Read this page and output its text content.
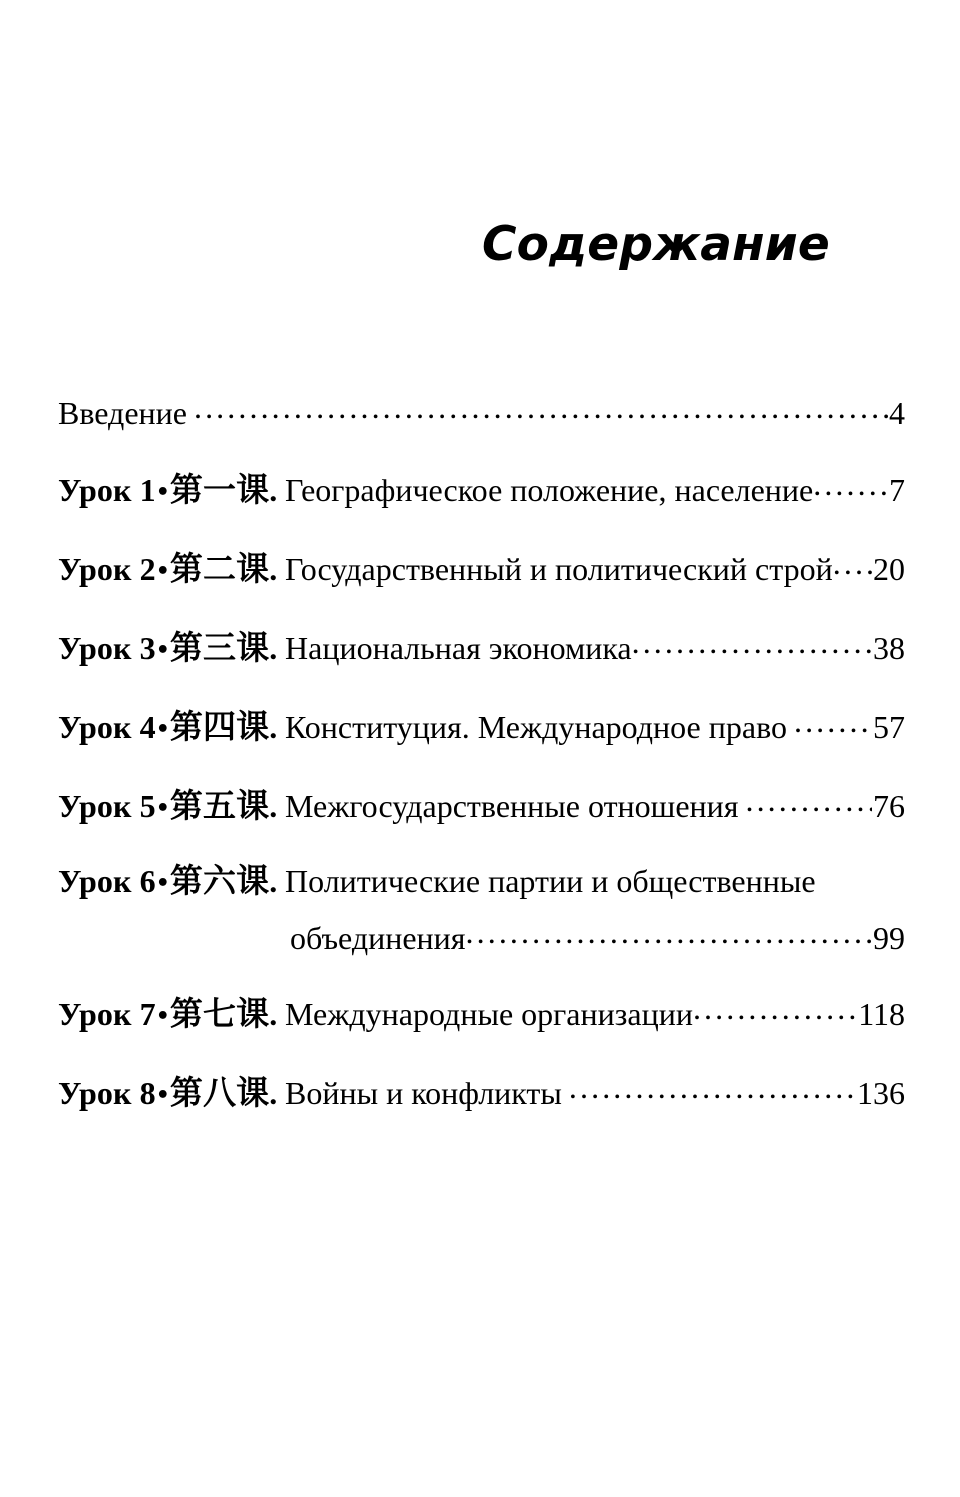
Содержание
Введение .....	4
Урок 1•第一课. Географическое положение, население ..... 7
Урок 2•第二课. Государственный и политический строй ..... 20
Урок 3•第三课. Национальная экономика .....	38
Урок 4•第四课. Конституция. Международное право .....	57
Урок 5•第五课. Межгосударственные отношения .....	76
Урок 6•第六课. Политические партии и общественные
объединения .....	99
Урок 7•第七课. Международные организации .....	118
Урок 8•第八课. Войны и конфликты .....	136
